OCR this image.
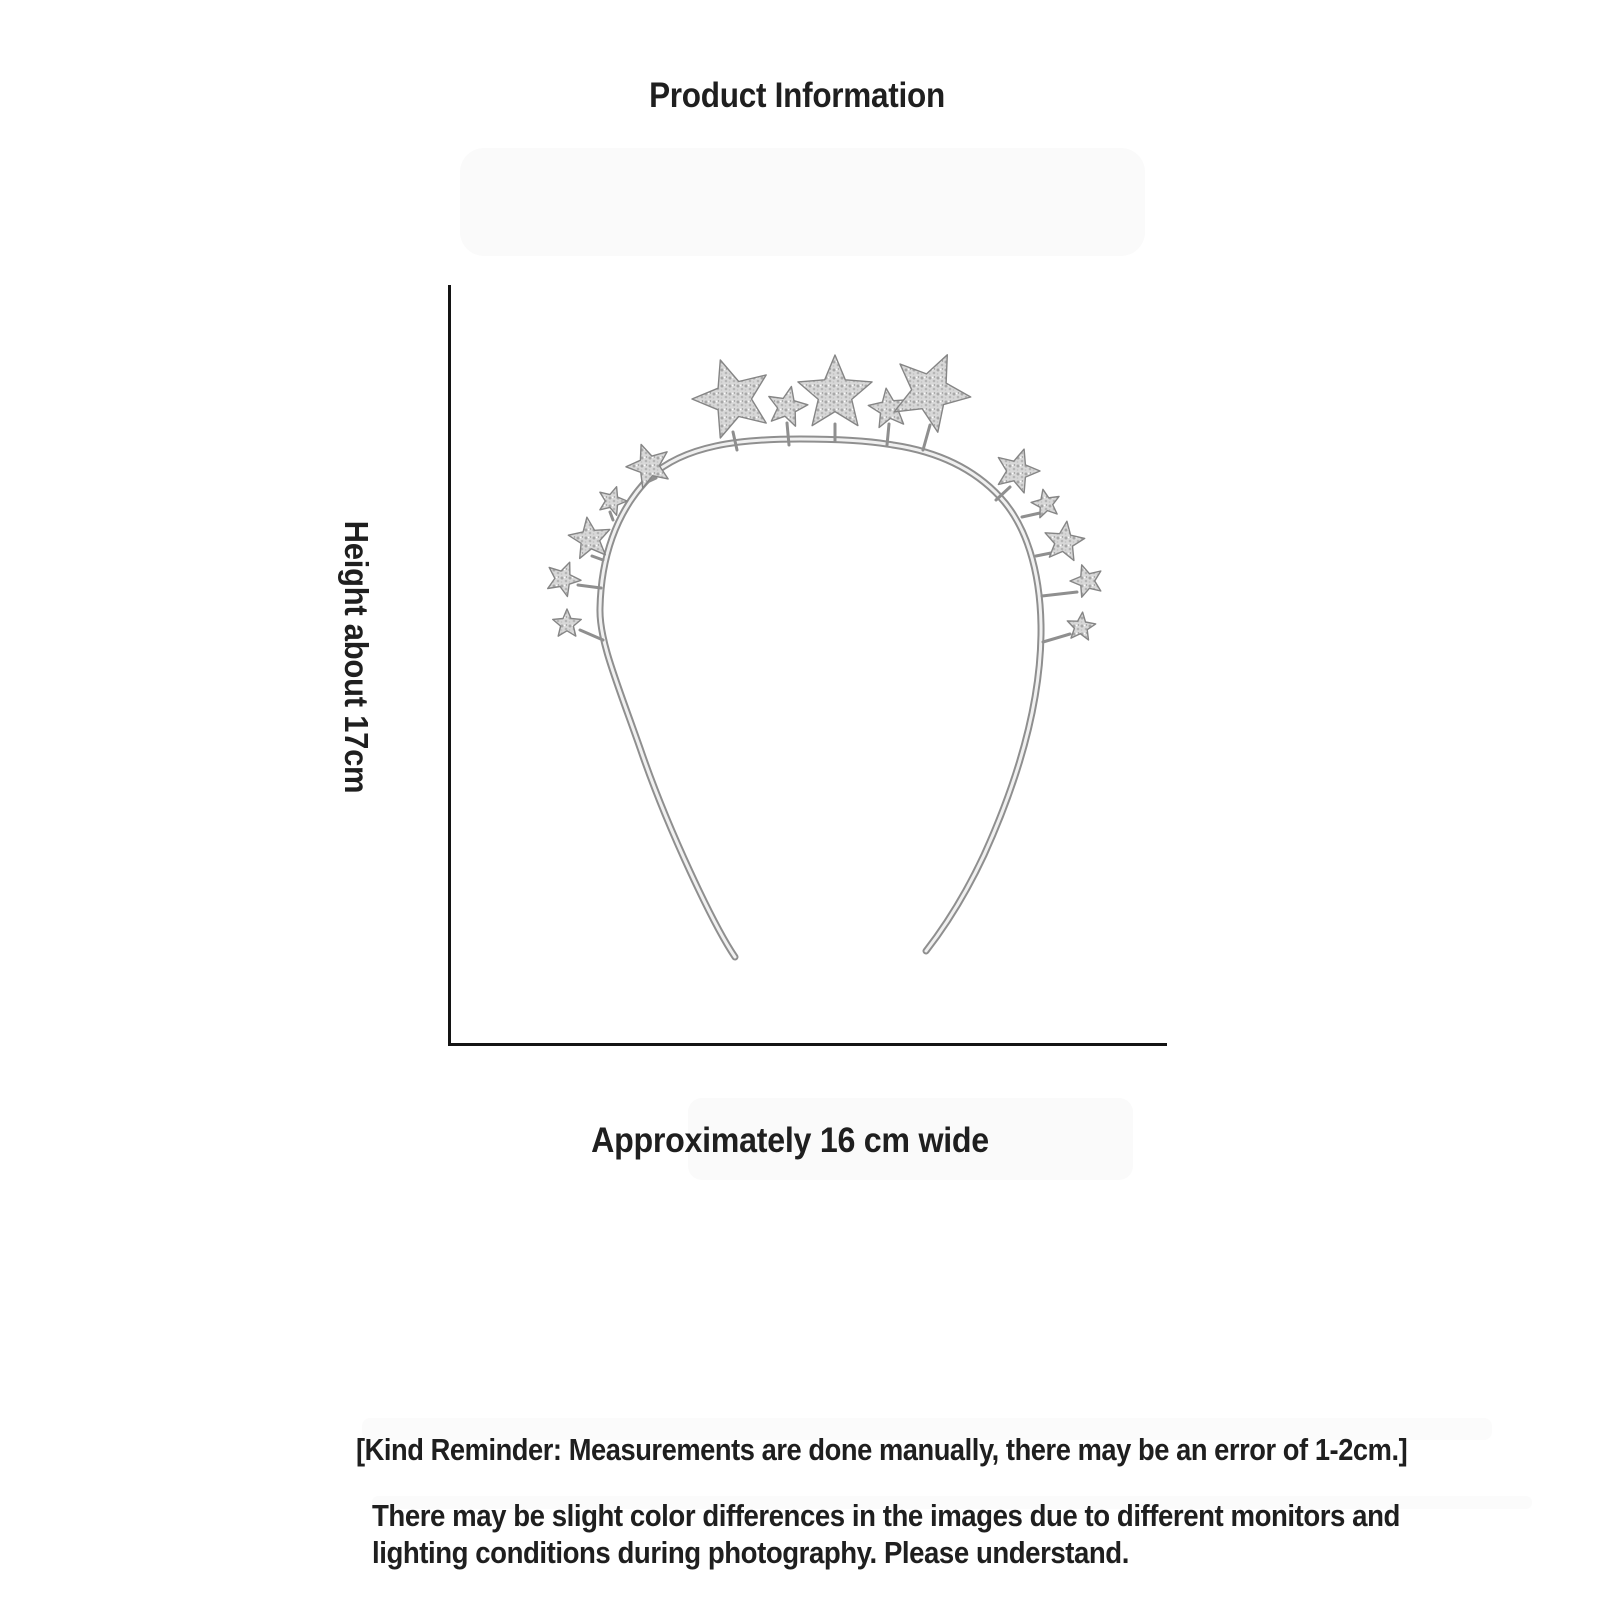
Product Information
Height about 17cm
Approximately 16 cm wide
[Kind Reminder: Measurements are done manually, there may be an error of 1-2cm.]
There may be slight color differences in the images due to different monitors and
lighting conditions during photography. Please understand.
